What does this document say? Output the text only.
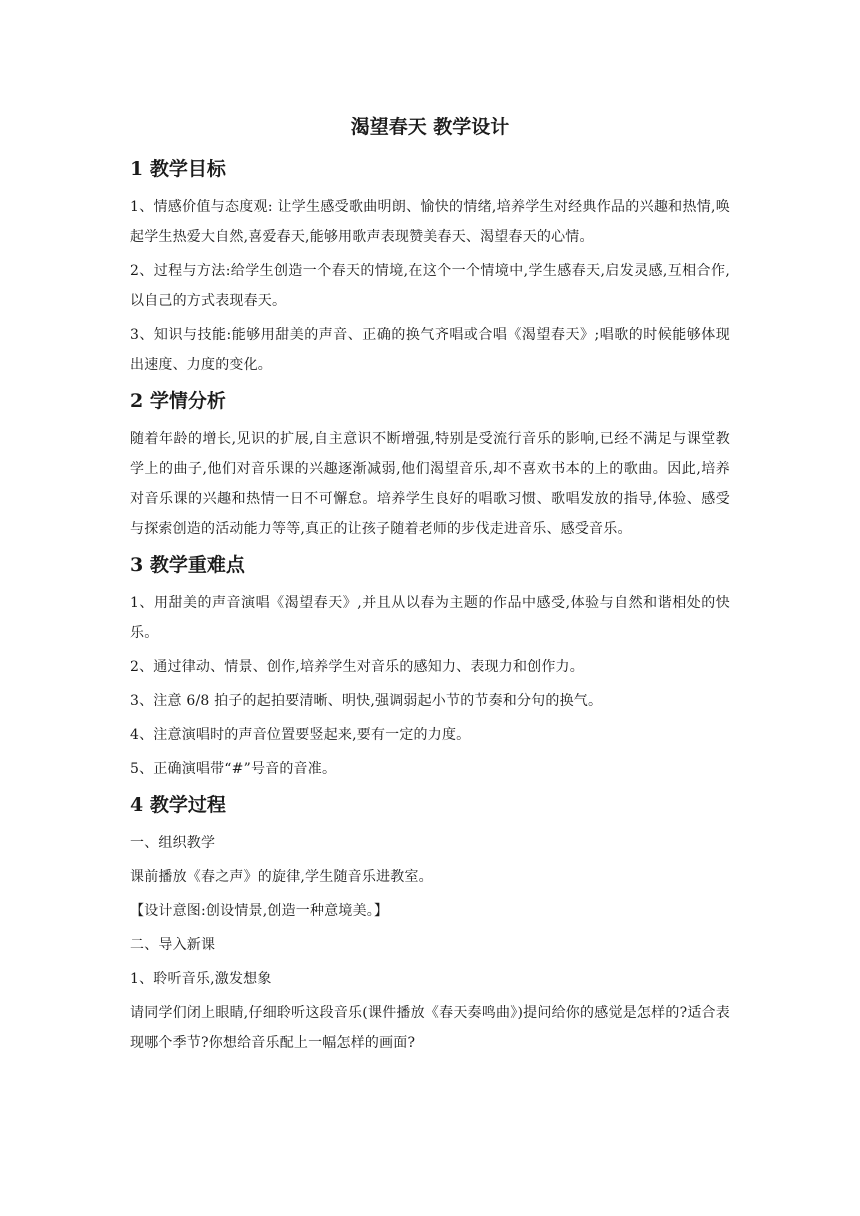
渴望春天 教学设计
1 教学目标

1、情感价值与态度观: 让学生感受歌曲明朗、愉快的情绪,培养学生对经典作品的兴趣和热情,唤起学生热爱大自然,喜爱春天,能够用歌声表现赞美春天、渴望春天的心情。

2、过程与方法:给学生创造一个春天的情境,在这个一个情境中,学生感春天,启发灵感,互相合作,以自己的方式表现春天。

3、知识与技能:能够用甜美的声音、正确的换气齐唱或合唱《渴望春天》;唱歌的时候能够体现出速度、力度的变化。

2 学情分析

随着年龄的增长,见识的扩展,自主意识不断增强,特别是受流行音乐的影响,已经不满足与课堂教学上的曲子,他们对音乐课的兴趣逐渐减弱,他们渴望音乐,却不喜欢书本的上的歌曲。因此,培养对音乐课的兴趣和热情一日不可懈怠。培养学生良好的唱歌习惯、歌唱发放的指导,体验、感受与探索创造的活动能力等等,真正的让孩子随着老师的步伐走进音乐、感受音乐。

3 教学重难点

1、用甜美的声音演唱《渴望春天》,并且从以春为主题的作品中感受,体验与自然和谐相处的快乐。

2、通过律动、情景、创作,培养学生对音乐的感知力、表现力和创作力。

3、注意 6/8 拍子的起拍要清晰、明快,强调弱起小节的节奏和分句的换气。

4、注意演唱时的声音位置要竖起来,要有一定的力度。

5、正确演唱带“#”号音的音准。

4 教学过程

一、组织教学

课前播放《春之声》的旋律,学生随音乐进教室。

【设计意图:创设情景,创造一种意境美。】

二、导入新课

1、聆听音乐,激发想象

请同学们闭上眼睛,仔细聆听这段音乐(课件播放《春天奏鸣曲》)提问给你的感觉是怎样的?适合表现哪个季节?你想给音乐配上一幅怎样的画面?
